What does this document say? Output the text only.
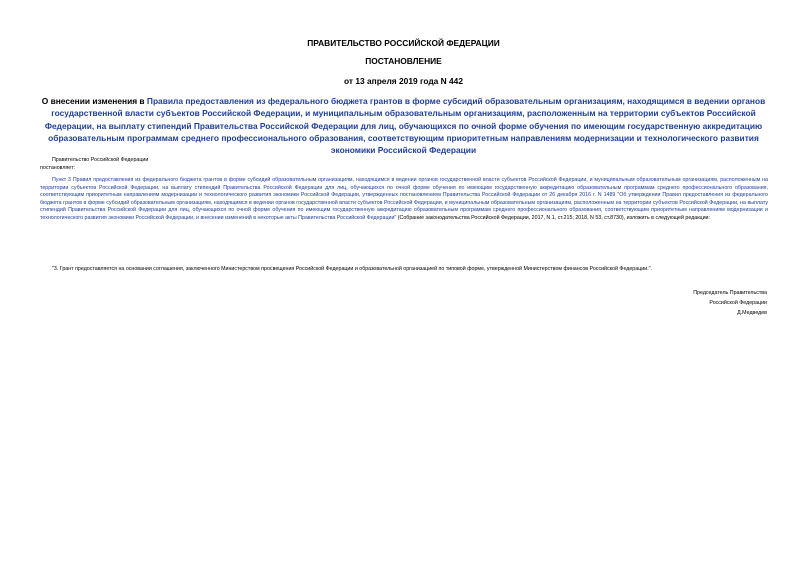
ПРАВИТЕЛЬСТВО РОССИЙСКОЙ ФЕДЕРАЦИИ
ПОСТАНОВЛЕНИЕ
от 13 апреля 2019 года N 442
О внесении изменения в Правила предоставления из федерального бюджета грантов в форме субсидий образовательным организациям, находящимся в ведении органов государственной власти субъектов Российской Федерации, и муниципальным образовательным организациям, расположенным на территории субъектов Российской Федерации, на выплату стипендий Правительства Российской Федерации для лиц, обучающихся по очной форме обучения по имеющим государственную аккредитацию образовательным программам среднего профессионального образования, соответствующим приоритетным направлениям модернизации и технологического развития экономики Российской Федерации
Правительство Российской Федерации
постановляет:
Пункт 3 Правил предоставления из федерального бюджета грантов в форме субсидий образовательным организациям, находящимся в ведении органов государственной власти субъектов Российской Федерации, и муниципальным образовательным организациям, расположенным на территории субъектов Российской Федерации, на выплату стипендий Правительства Российской Федерации для лиц, обучающихся по очной форме обучения по имеющим государственную аккредитацию образовательным программам среднего профессионального образования, соответствующим приоритетным направлениям модернизации и технологического развития экономики Российской Федерации, утвержденных постановлением Правительства Российской Федерации от 26 декабря 2016 г. N 1489 "Об утверждении Правил предоставления из федерального бюджета грантов в форме субсидий образовательным организациям, находящимся в ведении органов государственной власти субъектов Российской Федерации, и муниципальным образовательным организациям, расположенным на территории субъектов Российской Федерации, на выплату стипендий Правительства Российской Федерации для лиц, обучающихся по очной форме обучения по имеющим государственную аккредитацию образовательным программам среднего профессионального образования, соответствующим приоритетным направлениям модернизации и технологического развития экономики Российской Федерации, и внесении изменений в некоторые акты Правительства Российской Федерации" (Собрание законодательства Российской Федерации, 2017, N 1, ст.215; 2018, N 53, ст.8730), изложить в следующей редакции:
"3. Грант предоставляется на основании соглашения, заключенного Министерством просвещения Российской Федерации и образовательной организацией по типовой форме, утвержденной Министерством финансов Российской Федерации.".
Председатель Правительства
Российской Федерации
Д.Медведев
